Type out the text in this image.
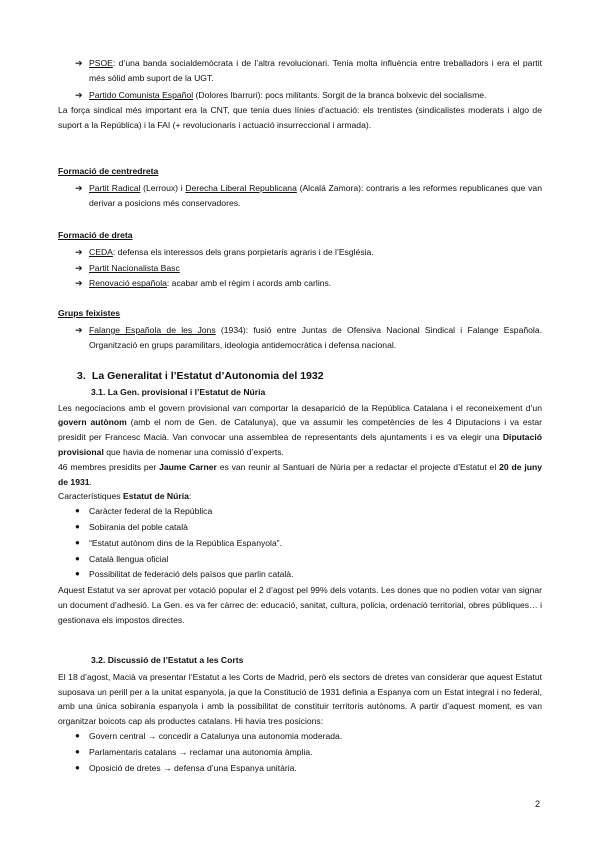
➔ PSOE: d’una banda socialdemòcrata i de l’altra revolucionari. Tenia molta influència entre treballadors i era el partit més sòlid amb suport de la UGT.
➔ Partido Comunista Español (Dolores Ibarruri): pocs militants. Sorgit de la branca bolxevic del socialisme.

La força sindical més important era la CNT, que tenia dues línies d’actuació: els trentistes (sindicalistes moderats i algo de suport a la República) i la FAI (+ revolucionaris i actuació insurreccional i armada).

Formació de centredreta

➔ Partit Radical (Lerroux) i Derecha Liberal Republicana (Alcalá Zamora): contraris a les reformes republicanes que van derivar a posicions més conservadores.

Formació de dreta

➔ CEDA: defensa els interessos dels grans porpietaris agraris i de l’Església.
➔ Partit Nacionalista Basc
➔ Renovació española: acabar amb el règim i acords amb carlins.

Grups feixistes

➔ Falange Española de les Jons (1934): fusió entre Juntas de Ofensiva Nacional Sindical i Falange Española. Organització en grups paramilitars, ideologia antidemocràtica i defensa nacional.

3. La Generalitat i l’Estatut d’Autonomia del 1932

3.1. La Gen. provisional i l’Estatut de Núria

Les negociacions amb el govern provisional van comportar la desaparició de la República Catalana i el reconeixement d’un govern autònom (amb el nom de Gen. de Catalunya), que va assumir les competències de les 4 Diputacions i va estar presidit per Francesc Macià. Van convocar una assemblea de representants dels ajuntaments i es va elegir una Diputació provisional que havia de nomenar una comissió d’experts.

46 membres presidits per Jaume Carner es van reunir al Santuari de Núria per a redactar el projecte d’Estatut el 20 de juny de 1931.

Característiques Estatut de Núria:

● Caràcter federal de la República
● Sobirania del poble català
● “Estatut autònom dins de la República Espanyola”.
● Català llengua oficial
● Possibilitat de federació dels països que parlin català.

Aquest Estatut va ser aprovat per votació popular el 2 d’agost pel 99% dels votants. Les dones que no podien votar van signar un document d’adhesió. La Gen. es va fer càrrec de: educació, sanitat, cultura, policia, ordenació territorial, obres públiques… i gestionava els impostos directes.

3.2. Discussió de l’Estatut a les Corts

El 18 d’agost, Macià va presentar l’Estatut a les Corts de Madrid, però els sectors de dretes van considerar que aquest Estatut suposava un perill per a la unitat espanyola, ja que la Constitució de 1931 definia a Espanya com un Estat integral i no federal, amb una única sobirania espanyola i amb la possibilitat de constituir territoris autònoms. A partir d’aquest moment, es van organitzar boicots cap als productes catalans. Hi havia tres posicions:

● Govern central → concedir a Catalunya una autonomia moderada.
● Parlamentaris catalans → reclamar una autonomia àmplia.
● Oposició de dretes → defensa d’una Espanya unitària.
2
